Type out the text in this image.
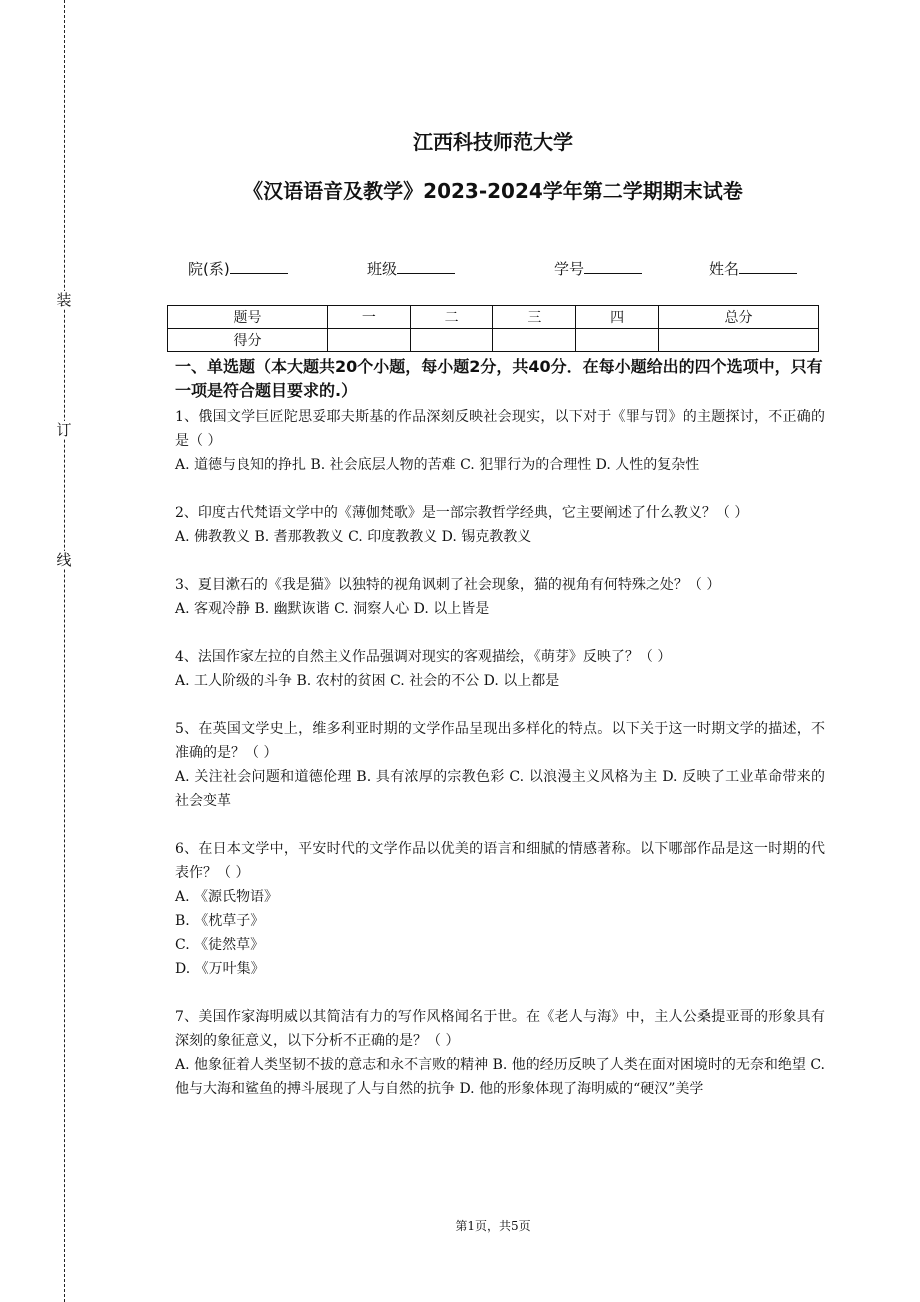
装
订
线
江西科技师范大学
《汉语语音及教学》2023-2024学年第二学期期末试卷
院(系)	班级	学号	姓名
题号	一	二	三	四	总分
得分					

一、单选题（本大题共20个小题，每小题2分，共40分．在每小题给出的四个选项中，只有一项是符合题目要求的.）

1、俄国文学巨匠陀思妥耶夫斯基的作品深刻反映社会现实，以下对于《罪与罚》的主题探讨，不正确的是（ ）

A. 道德与良知的挣扎 B. 社会底层人物的苦难 C. 犯罪行为的合理性 D. 人性的复杂性

2、印度古代梵语文学中的《薄伽梵歌》是一部宗教哲学经典，它主要阐述了什么教义？（ ）

A. 佛教教义 B. 耆那教教义 C. 印度教教义 D. 锡克教教义

3、夏目漱石的《我是猫》以独特的视角讽刺了社会现象，猫的视角有何特殊之处？（ ）

A. 客观冷静 B. 幽默诙谐 C. 洞察人心 D. 以上皆是

4、法国作家左拉的自然主义作品强调对现实的客观描绘，《萌芽》反映了？（ ）

A. 工人阶级的斗争 B. 农村的贫困 C. 社会的不公 D. 以上都是

5、在英国文学史上，维多利亚时期的文学作品呈现出多样化的特点。以下关于这一时期文学的描述，不准确的是？（ ）

A. 关注社会问题和道德伦理 B. 具有浓厚的宗教色彩 C. 以浪漫主义风格为主 D. 反映了工业革命带来的社会变革

6、在日本文学中，平安时代的文学作品以优美的语言和细腻的情感著称。以下哪部作品是这一时期的代表作？（ ）

A. 《源氏物语》

B. 《枕草子》

C. 《徒然草》

D. 《万叶集》

7、美国作家海明威以其简洁有力的写作风格闻名于世。在《老人与海》中，主人公桑提亚哥的形象具有深刻的象征意义，以下分析不正确的是？（ ）

A. 他象征着人类坚韧不拔的意志和永不言败的精神 B. 他的经历反映了人类在面对困境时的无奈和绝望 C. 他与大海和鲨鱼的搏斗展现了人与自然的抗争 D. 他的形象体现了海明威的“硬汉”美学

第1页，共5页
